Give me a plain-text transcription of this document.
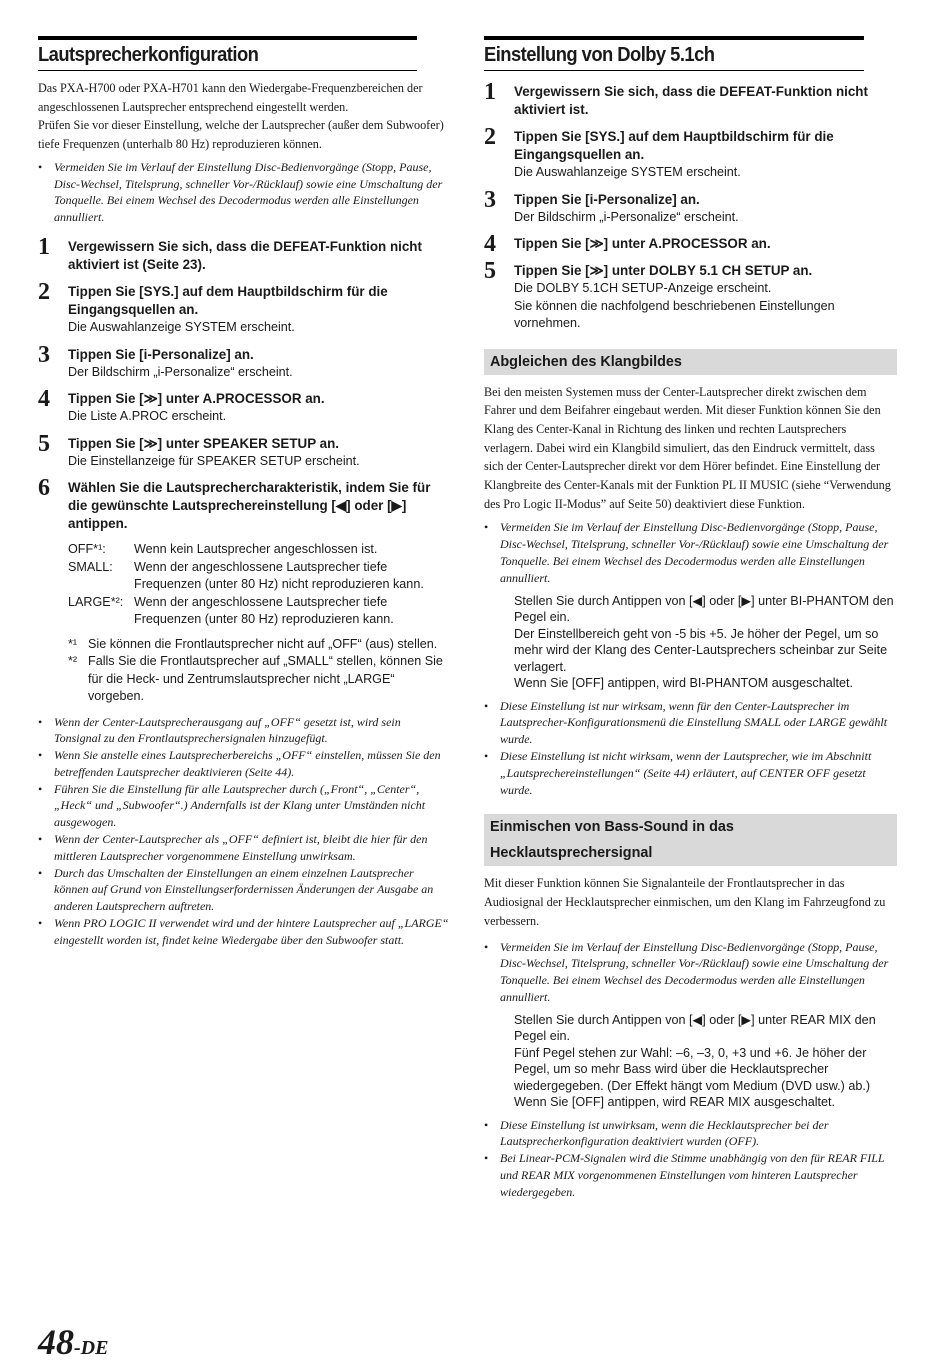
Lautsprecherkonfiguration

Das PXA-H700 oder PXA-H701 kann den Wiedergabe-Frequenzbereichen der angeschlossenen Lautsprecher entsprechend eingestellt werden.

Prüfen Sie vor dieser Einstellung, welche der Lautsprecher (außer dem Subwoofer) tiefe Frequenzen (unterhalb 80 Hz) reproduzieren können.

• Vermeiden Sie im Verlauf der Einstellung Disc-Bedienvorgänge (Stopp, Pause, Disc-Wechsel, Titelsprung, schneller Vor-/Rücklauf) sowie eine Umschaltung der Tonquelle. Bei einem Wechsel des Decodermodus werden alle Einstellungen annulliert.
1 Vergewissern Sie sich, dass die DEFEAT-Funktion nicht aktiviert ist (Seite 23).
2 Tippen Sie [SYS.] auf dem Hauptbildschirm für die Eingangsquellen an.
Die Auswahlanzeige SYSTEM erscheint.
3 Tippen Sie [i-Personalize] an.
Der Bildschirm „i-Personalize“ erscheint.
4 Tippen Sie [≫] unter A.PROCESSOR an.
Die Liste A.PROC erscheint.
5 Tippen Sie [≫] unter SPEAKER SETUP an.
Die Einstellanzeige für SPEAKER SETUP erscheint.
6 Wählen Sie die Lautsprechercharakteristik, indem Sie für die gewünschte Lautsprechereinstellung [◀] oder [▶] antippen.
OFF*¹:	Wenn kein Lautsprecher angeschlossen ist.
SMALL:	Wenn der angeschlossene Lautsprecher tiefe Frequenzen (unter 80 Hz) nicht reproduzieren kann.
LARGE*²: Wenn der angeschlossene Lautsprecher tiefe Frequenzen (unter 80 Hz) reproduzieren kann.
*¹ Sie können die Frontlautsprecher nicht auf „OFF“ (aus) stellen.
*² Falls Sie die Frontlautsprecher auf „SMALL“ stellen, können Sie für die Heck- und Zentrumslautsprecher nicht „LARGE“ vorgeben.
• Wenn der Center-Lautsprecherausgang auf „OFF“ gesetzt ist, wird sein Tonsignal zu den Frontlautsprechersignalen hinzugefügt.
• Wenn Sie anstelle eines Lautsprecherbereichs „OFF“ einstellen, müssen Sie den betreffenden Lautsprecher deaktivieren (Seite 44).
• Führen Sie die Einstellung für alle Lautsprecher durch („Front“, „Center“, „Heck“ und „Subwoofer“.) Andernfalls ist der Klang unter Umständen nicht ausgewogen.
• Wenn der Center-Lautsprecher als „OFF“ definiert ist, bleibt die hier für den mittleren Lautsprecher vorgenommene Einstellung unwirksam.
• Durch das Umschalten der Einstellungen an einem einzelnen Lautsprecher können auf Grund von Einstellungserfordernissen Änderungen der Ausgabe an anderen Lautsprechern auftreten.
• Wenn PRO LOGIC II verwendet wird und der hintere Lautsprecher auf „LARGE“ eingestellt worden ist, findet keine Wiedergabe über den Subwoofer statt.
Einstellung von Dolby 5.1ch
1 Vergewissern Sie sich, dass die DEFEAT-Funktion nicht aktiviert ist.
2 Tippen Sie [SYS.] auf dem Hauptbildschirm für die Eingangsquellen an.
Die Auswahlanzeige SYSTEM erscheint.
3 Tippen Sie [i-Personalize] an.
Der Bildschirm „i-Personalize“ erscheint.
4 Tippen Sie [≫] unter A.PROCESSOR an.
5 Tippen Sie [≫] unter DOLBY 5.1 CH SETUP an.
Die DOLBY 5.1CH SETUP-Anzeige erscheint.
Sie können die nachfolgend beschriebenen Einstellungen vornehmen.
Abgleichen des Klangbildes
Bei den meisten Systemen muss der Center-Lautsprecher direkt zwischen dem Fahrer und dem Beifahrer eingebaut werden. Mit dieser Funktion können Sie den Klang des Center-Kanal in Richtung des linken und rechten Lautsprechers verlagern. Dabei wird ein Klangbild simuliert, das den Eindruck vermittelt, dass sich der Center-Lautsprecher direkt vor dem Hörer befindet. Eine Einstellung der Klangbreite des Center-Kanals mit der Funktion PL II MUSIC (siehe “Verwendung des Pro Logic II-Modus” auf Seite 50) deaktiviert diese Funktion.
• Vermeiden Sie im Verlauf der Einstellung Disc-Bedienvorgänge (Stopp, Pause, Disc-Wechsel, Titelsprung, schneller Vor-/Rücklauf) sowie eine Umschaltung der Tonquelle. Bei einem Wechsel des Decodermodus werden alle Einstellungen annulliert.

Stellen Sie durch Antippen von [◀] oder [▶] unter BI-PHANTOM den Pegel ein.

Der Einstellbereich geht von -5 bis +5. Je höher der Pegel, um so mehr wird der Klang des Center-Lautsprechers scheinbar zur Seite verlagert.

Wenn Sie [OFF] antippen, wird BI-PHANTOM ausgeschaltet.

• Diese Einstellung ist nur wirksam, wenn für den Center-Lautsprecher im Lautsprecher-Konfigurationsmenü die Einstellung SMALL oder LARGE gewählt wurde.
• Diese Einstellung ist nicht wirksam, wenn der Lautsprecher, wie im Abschnitt „Lautsprechereinstellungen“ (Seite 44) erläutert, auf CENTER OFF gesetzt wurde.
Einmischen von Bass-Sound in das
Hecklautsprechersignal
Mit dieser Funktion können Sie Signalanteile der Frontlautsprecher in das Audiosignal der Hecklautsprecher einmischen, um den Klang im Fahrzeugfond zu verbessern.
• Vermeiden Sie im Verlauf der Einstellung Disc-Bedienvorgänge (Stopp, Pause, Disc-Wechsel, Titelsprung, schneller Vor-/Rücklauf) sowie eine Umschaltung der Tonquelle. Bei einem Wechsel des Decodermodus werden alle Einstellungen annulliert.

Stellen Sie durch Antippen von [◀] oder [▶] unter REAR MIX den Pegel ein.

Fünf Pegel stehen zur Wahl: –6, –3, 0, +3 und +6. Je höher der Pegel, um so mehr Bass wird über die Hecklautsprecher wiedergegeben. (Der Effekt hängt vom Medium (DVD usw.) ab.)

Wenn Sie [OFF] antippen, wird REAR MIX ausgeschaltet.

• Diese Einstellung ist unwirksam, wenn die Hecklautsprecher bei der Lautsprecherkonfiguration deaktiviert wurden (OFF).
• Bei Linear-PCM-Signalen wird die Stimme unabhängig von den für REAR FILL und REAR MIX vorgenommenen Einstellungen vom hinteren Lautsprecher wiedergegeben.
48-DE
